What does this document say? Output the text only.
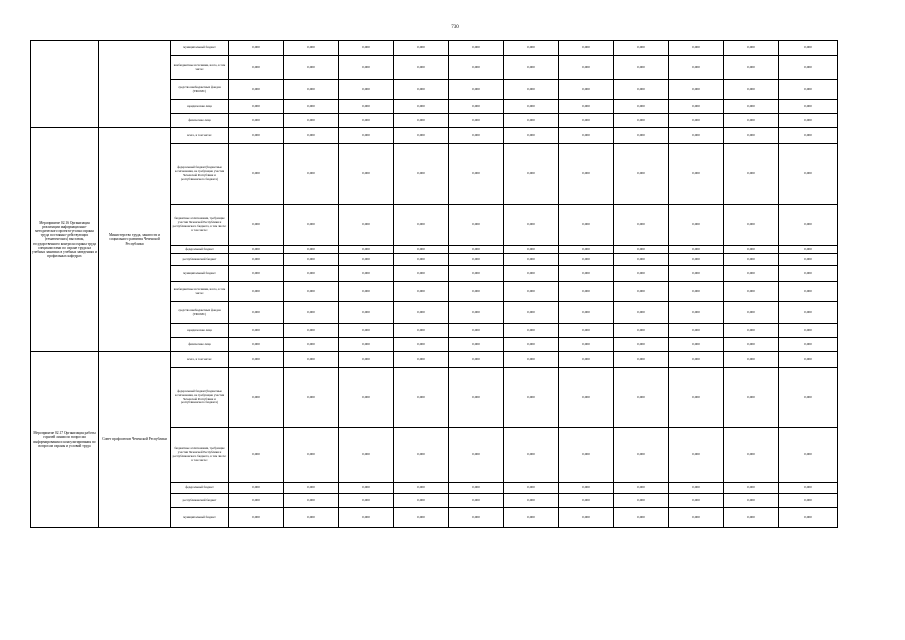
730
		муниципальный бюджет	0,000	0,000	0,000	0,000	0,000	0,000	0,000	0,000	0,000	0,000	0,000
		внебюджетные источники, всего, в том числе:	0,000	0,000	0,000	0,000	0,000	0,000	0,000	0,000	0,000	0,000	0,000
		средства внебюджетных фондов (ТФОМС)	0,000	0,000	0,000	0,000	0,000	0,000	0,000	0,000	0,000	0,000	0,000
		юридические лица	0,000	0,000	0,000	0,000	0,000	0,000	0,000	0,000	0,000	0,000	0,000
		физические лица	0,000	0,000	0,000	0,000	0,000	0,000	0,000	0,000	0,000	0,000	0,000
Мероприятие 02.16 Организация реализации информационно-методического проекта-уголка охраны труда постоянно-действующих (тематических) выставок, государственного контроля охраны труда специалистами по охране труда на учебных занятиях в учебных заведениях и профильных кафедрах	Министерство труда, занятости и социального развития Чеченской Республики	всего, в том числе:	0,000	0,000	0,000	0,000	0,000	0,000	0,000	0,000	0,000	0,000	0,000
		федеральный бюджет(бюджетные ассигнования, не требующие участия Чеченской Республики и республиканского бюджета)	0,000	0,000	0,000	0,000	0,000	0,000	0,000	0,000	0,000	0,000	0,000
		бюджетные ассигнования, требующие участия Чеченской Республики и республиканского бюджета, в том числе: в том числе:	0,000	0,000	0,000	0,000	0,000	0,000	0,000	0,000	0,000	0,000	0,000
		федеральный бюджет	0,000	0,000	0,000	0,000	0,000	0,000	0,000	0,000	0,000	0,000	0,000
		республиканский бюджет	0,000	0,000	0,000	0,000	0,000	0,000	0,000	0,000	0,000	0,000	0,000
		муниципальный бюджет	0,000	0,000	0,000	0,000	0,000	0,000	0,000	0,000	0,000	0,000	0,000
		внебюджетные источники, всего, в том числе:	0,000	0,000	0,000	0,000	0,000	0,000	0,000	0,000	0,000	0,000	0,000
		средства внебюджетных фондов (ТФОМС)	0,000	0,000	0,000	0,000	0,000	0,000	0,000	0,000	0,000	0,000	0,000
		юридические лица	0,000	0,000	0,000	0,000	0,000	0,000	0,000	0,000	0,000	0,000	0,000
		физические лица	0,000	0,000	0,000	0,000	0,000	0,000	0,000	0,000	0,000	0,000	0,000
Мероприятие 02.17 Организация работы горячей линии по вопросам информирования и консультирования по вопросам охраны и условий труда	Совет профсоюзов Чеченской Республики	всего, в том числе:	0,000	0,000	0,000	0,000	0,000	0,000	0,000	0,000	0,000	0,000	0,000
		федеральный бюджет(бюджетные ассигнования, не требующие участия Чеченской Республики и республиканского бюджета)	0,000	0,000	0,000	0,000	0,000	0,000	0,000	0,000	0,000	0,000	0,000
		бюджетные ассигнования, требующие участия Чеченской Республики и республиканского бюджета, в том числе: в том числе:	0,000	0,000	0,000	0,000	0,000	0,000	0,000	0,000	0,000	0,000	0,000
		федеральный бюджет	0,000	0,000	0,000	0,000	0,000	0,000	0,000	0,000	0,000	0,000	0,000
		республиканский бюджет	0,000	0,000	0,000	0,000	0,000	0,000	0,000	0,000	0,000	0,000	0,000
		муниципальный бюджет	0,000	0,000	0,000	0,000	0,000	0,000	0,000	0,000	0,000	0,000	0,000
